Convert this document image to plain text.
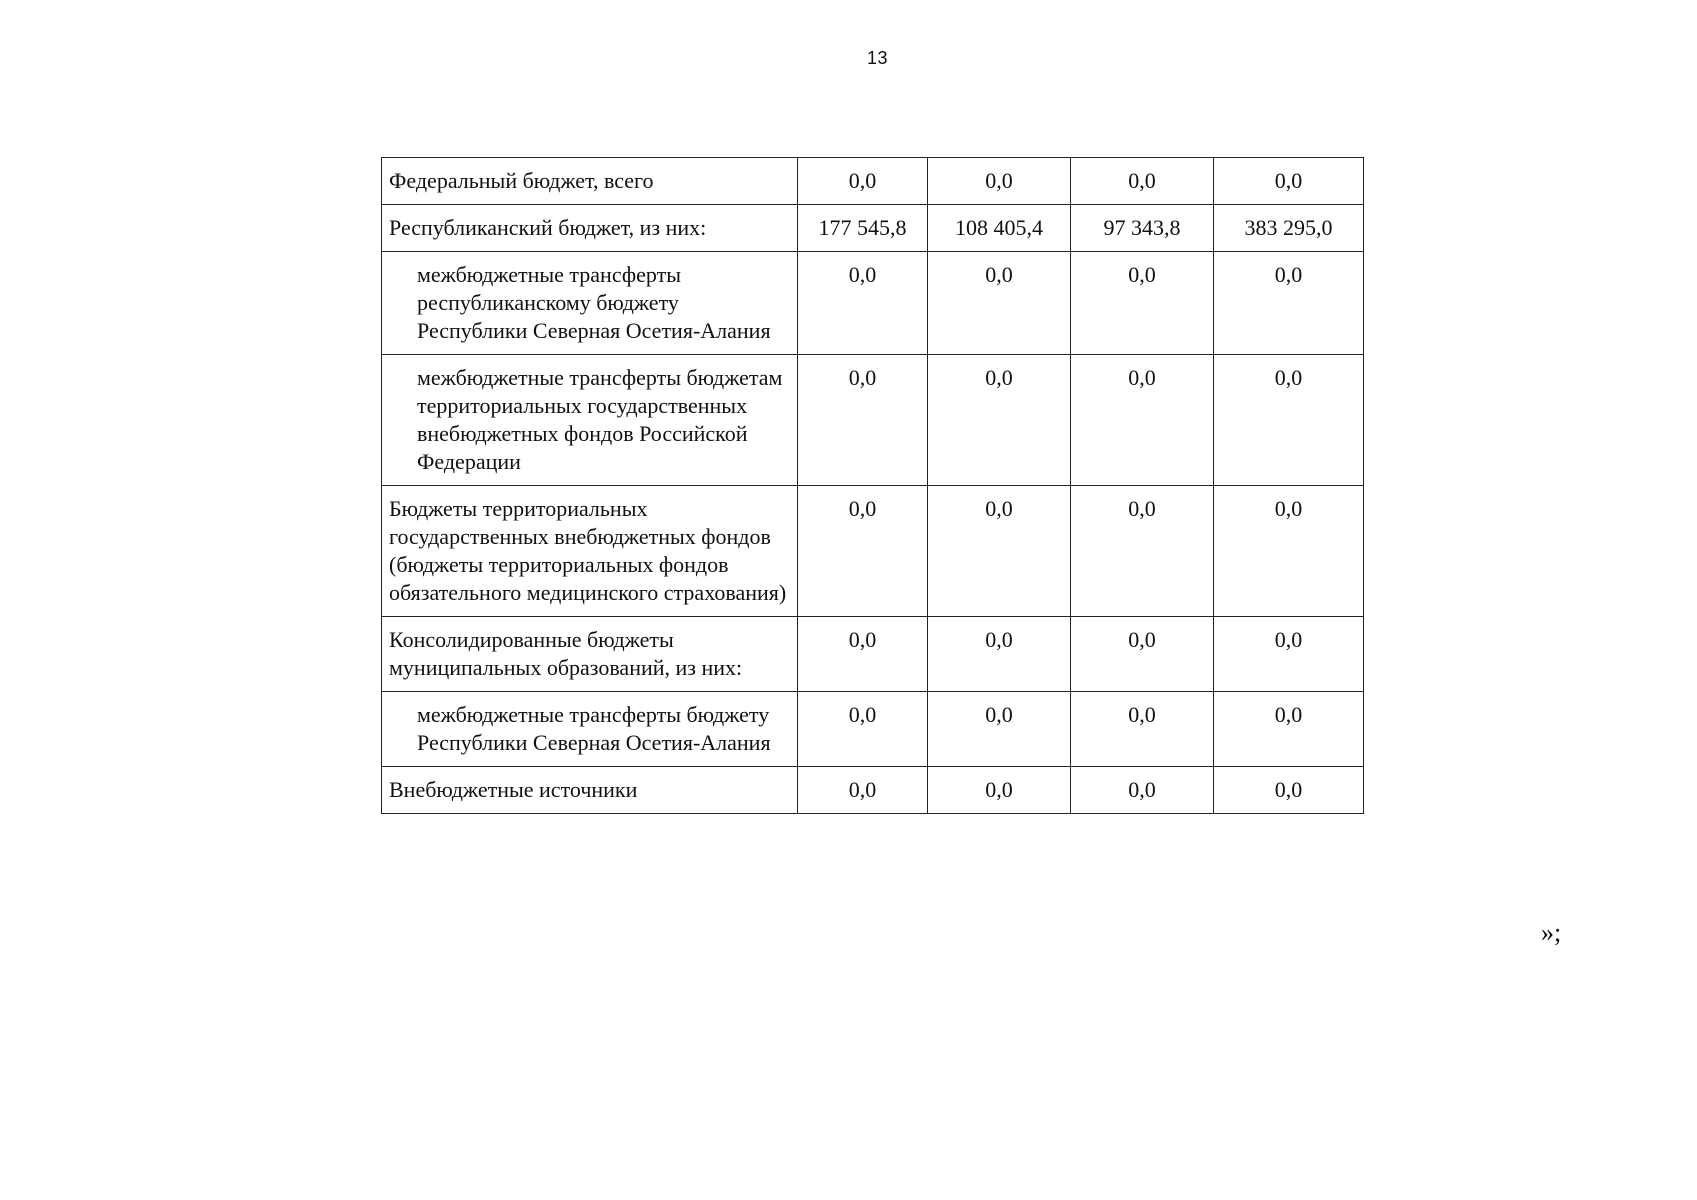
13
Федеральный бюджет, всего	0,0	0,0	0,0	0,0
Республиканский бюджет, из них:	177 545,8	108 405,4	97 343,8	383 295,0
межбюджетные трансферты республиканскому бюджету Республики Северная Осетия-Алания	0,0	0,0	0,0	0,0
межбюджетные трансферты бюджетам территориальных государственных внебюджетных фондов Российской Федерации	0,0	0,0	0,0	0,0
Бюджеты территориальных государственных внебюджетных фондов (бюджеты территориальных фондов обязательного медицинского страхования)	0,0	0,0	0,0	0,0
Консолидированные бюджеты муниципальных образований, из них:	0,0	0,0	0,0	0,0
межбюджетные трансферты бюджету Республики Северная Осетия-Алания	0,0	0,0	0,0	0,0
Внебюджетные источники	0,0	0,0	0,0	0,0
»;
